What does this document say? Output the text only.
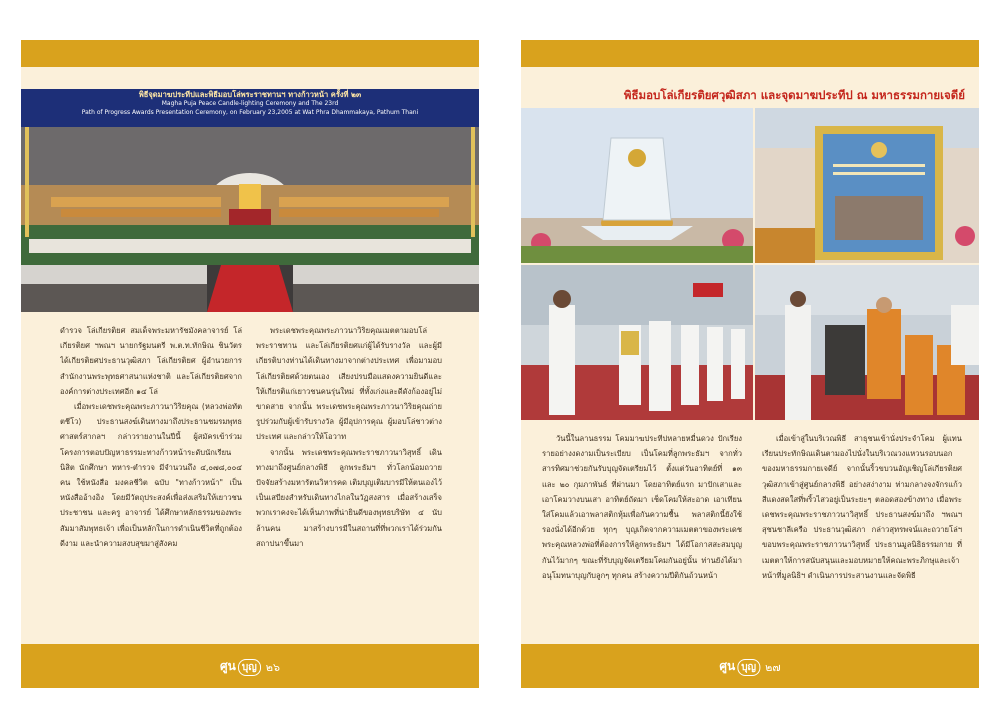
พิธีจุดมาฆประทีปและพิธีมอบโล่พระราชทานฯ ทางก้าวหน้า ครั้งที่ ๒๓
Magha Puja Peace Candle-lighting Ceremony and The 23rd
Path of Progress Awards Presentation Ceremony, on February 23,2005 at Wat Phra Dhammakaya, Pathum Thani

ดำรวจ โล่เกียรติยศ สมเด็จพระมหารัชมังคลาจารย์ โล่เกียรติยศ ฯพณฯ นายกรัฐมนตรี พ.ต.ท.ทักษิณ ชินวัตร ได้เกียรติยศประธานวุฒิสภา โล่เกียรติยศ ผู้อำนวยการสำนักงานพระพุทธศาสนาแห่งชาติ และโล่เกียรติยศจากองค์การต่างประเทศอีก ๑๔ โล่

เมื่อพระเดชพระคุณพระภาวนาวิริยคุณ (หลวงพ่อทัตตชีโว) ประธานสงฆ์เดินทางมาถึงประธานชมรมพุทธศาสตร์สากลฯ กล่าวรายงานในปีนี้ ผู้สมัครเข้าร่วมโครงการตอบปัญหาธรรมะทางก้าวหน้าระดับนักเรียน นิสิต นักศึกษา ทหาร-ตำรวจ มีจำนวนถึง ๔,๐๗๘,๐๐๔ คน ใช้หนังสือ มงคลชีวิต ฉบับ "ทางก้าวหน้า" เป็นหนังสืออ้างอิง โดยมีวัตถุประสงค์เพื่อส่งเสริมให้เยาวชน ประชาชน และครู อาจารย์ ได้ศึกษาหลักธรรมของพระสัมมาสัมพุทธเจ้า เพื่อเป็นหลักในการดำเนินชีวิตที่ถูกต้อง ดีงาม และนำความสงบสุขมาสู่สังคม

พระเดชพระคุณพระภาวนาวิริยคุณเมตตามอบโล่พระราชทาน และโล่เกียรติยศแก่ผู้ได้รับรางวัล และผู้มีเกียรติบางท่านได้เดินทางมาจากต่างประเทศ เพื่อมามอบโล่เกียรติยศด้วยตนเอง เสียงปรบมือแสดงความยินดีและให้เกียรติแก่เยาวชนคนรุ่นใหม่ ที่ทั้งเก่งและดีดังก้องอยู่ไม่ขาดสาย จากนั้น พระเดชพระคุณพระภาวนาวิริยคุณถ่ายรูปร่วมกับผู้เข้ารับรางวัล ผู้มีอุปการคุณ ผู้มอบโล่ชาวต่างประเทศ และกล่าวให้โอวาท

จากนั้น พระเดชพระคุณพระราชภาวนาวิสุทธิ์ เดินทางมาถึงศูนย์กลางพิธี ลูกพระธัมฯ ทั่วโลกน้อมถวายปัจจัยสร้างมหารัตนวิหารคด เติมบุญเติมบารมีให้ตนเองไว้เป็นเสบียงสำหรับเดินทางไกลในวัฏสงสาร เมื่อสร้างเสร็จพวกเราคงจะได้เห็นภาพที่น่ายินดีของพุทธบริษัท ๔ นับล้านคน มาสร้างบารมีในสถานที่ที่พวกเราได้ร่วมกันสถาปนาขึ้นมา

ศูน บุญ ๒๖
พิธีมอบโล่เกียรติยศวุฒิสภา และจุดมาฆประทีป ณ มหาธรรมกายเจดีย์

วันนี้ในลานธรรม โคมมาฆประทีปหลายหมื่นดวง ปักเรียงรายอย่างงดงามเป็นระเบียบ เป็นโคมที่ลูกพระธัมฯ จากทั่วสารทิศมาช่วยกันรับบุญจัดเตรียมไว้ ตั้งแต่วันอาทิตย์ที่ ๑๓ และ ๒๐ กุมภาพันธ์ ที่ผ่านมา โดยอาทิตย์แรก มาปักเสาและเอาโคมวางบนเสา อาทิตย์ถัดมา เช็ดโคมให้สะอาด เอาเทียนใส่โคมแล้วเอาพลาสติกหุ้มเพื่อกันความชื้น พลาสติกนี้ยังใช้รองนั่งได้อีกด้วย ทุกๆ บุญเกิดจากความเมตตาของพระเดชพระคุณหลวงพ่อที่ต้องการให้ลูกพระธัมฯ ได้มีโอกาสสะสมบุญกันไว้มากๆ ขณะที่รับบุญจัดเตรียมโคมกันอยู่นั้น ท่านยังได้มาอนุโมทนาบุญกับลูกๆ ทุกคน สร้างความปีติกันถ้วนหน้า

เมื่อเข้าสู่ในบริเวณพิธี สาธุชนเข้านั่งประจำโคม ผู้แทนเรียนประทักษิณเดินตามองไปนั่งในบริเวณวงแหวนรอบนอกของมหาธรรมกายเจดีย์ จากนั้นริ้วขบวนอัญเชิญโล่เกียรติยศวุฒิสภาเข้าสู่ศูนย์กลางพิธี อย่างสง่างาม ท่ามกลางจงจักรแก้วสีแดงสดใสที่พริ้วไสวอยู่เป็นระยะๆ ตลอดสองข้างทาง เมื่อพระเดชพระคุณพระราชภาวนาวิสุทธิ์ ประธานสงฆ์มาถึง ฯพณฯ สุชนชาลีเครือ ประธานวุฒิสภา กล่าวสุทรพจน์และถวายโล่ฯ ขอบพระคุณพระราชภาวนาวิสุทธิ์ ประธานมูลนิธิธรรมกาย ที่เมตตาให้การสนับสนุนและมอบหมายให้คณะพระภิกษุและเจ้าหน้าที่มูลนิธิฯ ดำเนินการประสานงานและจัดพิธี

ศูน บุญ ๒๗
